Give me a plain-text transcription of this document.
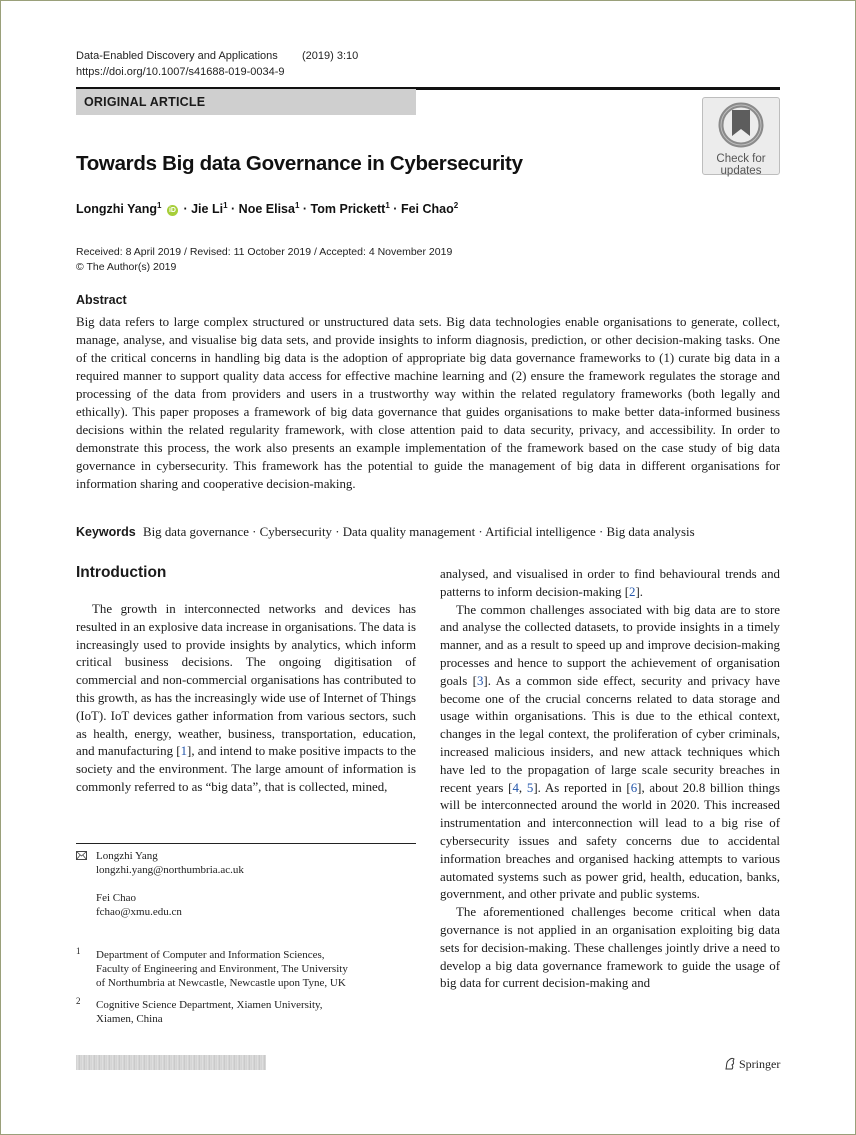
Data-Enabled Discovery and Applications (2019) 3:10
https://doi.org/10.1007/s41688-019-0034-9
ORIGINAL ARTICLE
Check for
updates
Towards Big data Governance in Cybersecurity
Longzhi Yang$^1$ iD · Jie $Li^1$ · Noe Elisa$^1$ · Tom Prickett$^1$ · Fei Chao$^2$
Received: 8 April 2019 / Revised: 11 October 2019 / Accepted: 4 November 2019
© The Author(s) 2019
Abstract
Big data refers to large complex structured or unstructured data sets. Big data technologies enable organisations to generate, collect, manage, analyse, and visualise big data sets, and provide insights to inform diagnosis, prediction, or other decision-making tasks. One of the critical concerns in handling big data is the adoption of appropriate big data governance frameworks to (1) curate big data in a required manner to support quality data access for effective machine learning and (2) ensure the framework regulates the storage and processing of the data from providers and users in a trustworthy way within the related regulatory frameworks (both legally and ethically). This paper proposes a framework of big data governance that guides organisations to make better data-informed business decisions within the related regularity framework, with close attention paid to data security, privacy, and accessibility. In order to demonstrate this process, the work also presents an example implementation of the framework based on the case study of big data governance in cybersecurity. This framework has the potential to guide the management of big data in different organisations for information sharing and cooperative decision-making.
Keywords Big data governance · Cybersecurity · Data quality management · Artificial intelligence · Big data analysis
Introduction

The growth in interconnected networks and devices has resulted in an explosive data increase in organisations. The data is increasingly used to provide insights by analytics, which inform critical business decisions. The ongoing digitisation of commercial and non-commercial organisations has contributed to this growth, as has the increasingly wide use of Internet of Things (IoT). IoT devices gather information from various sectors, such as health, energy, weather, business, transportation, education, and manufacturing [1], and intend to make positive impacts to the society and the environment. The large amount of information is commonly referred to as “big data”, that is collected, mined,

analysed, and visualised in order to find behavioural trends and patterns to inform decision-making [2].

The common challenges associated with big data are to store and analyse the collected datasets, to provide insights in a timely manner, and as a result to speed up and improve decision-making processes and hence to support the achievement of organisation goals [3]. As a common side effect, security and privacy have become one of the crucial concerns related to data storage and usage within organisations. This is due to the ethical context, changes in the legal context, the proliferation of cyber criminals, increased malicious insiders, and new attack techniques which have led to the propagation of large scale security breaches in recent years [4, 5]. As reported in [6], about 20.8 billion things will be interconnected around the world in 2020. This increased instrumentation and interconnection will lead to a big rise of cybersecurity issues and safety concerns due to accidental information breaches and organised hacking attempts to various automated systems such as power grid, health, education, banks, government, and other private and public systems.

The aforementioned challenges become critical when data governance is not applied in an organisation exploiting big data sets for decision-making. These challenges jointly drive a need to develop a big data governance framework to guide the usage of big data for current decision-making and

Longzhi Yang
longzhi.yang@northumbria.ac.uk
Fei Chao
fchao@xmu.edu.cn
1 Department of Computer and Information Sciences,
Faculty of Engineering and Environment, The University
of Northumbria at Newcastle, Newcastle upon Tyne, UK
2 Cognitive Science Department, Xiamen University,
Xiamen, China
Springer
